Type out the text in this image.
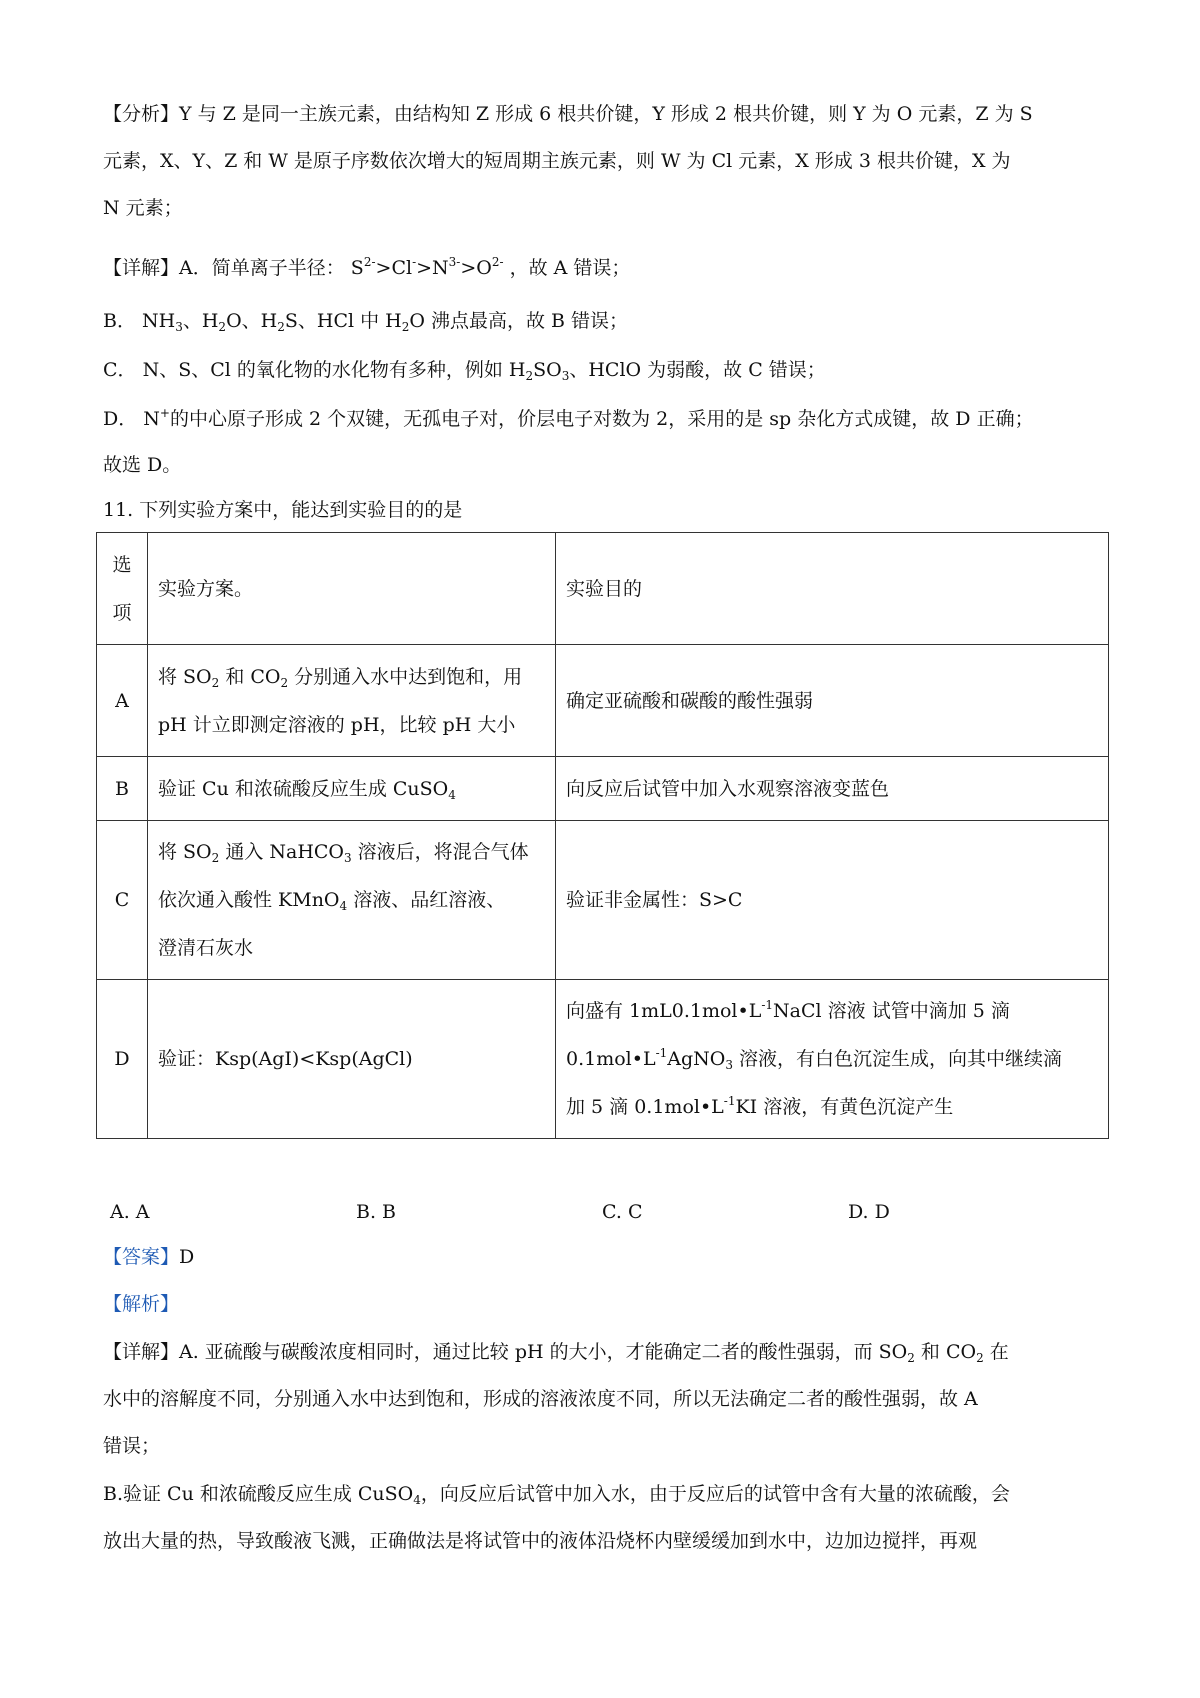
【分析】Y 与 Z 是同一主族元素，由结构知 Z 形成 6 根共价键，Y 形成 2 根共价键，则 Y 为 O 元素，Z 为 S
元素，X、Y、Z 和 W 是原子序数依次增大的短周期主族元素，则 W 为 Cl 元素，X 形成 3 根共价键，X 为
N 元素；
【详解】A．简单离子半径： $S^{2-}>Cl^->N^{3-}>O^{2-}$ ，故 A 错误；
B． $NH_3$、$H_2O$、$H_2S$、HCl 中 $H_2O$ 沸点最高，故 B 错误；
C． N、S、Cl 的氧化物的水化物有多种，例如 $H_2SO_3$、HClO 为弱酸，故 C 错误；
D． N+的中心原子形成 2 个双键，无孤电子对，价层电子对数为 2，采用的是 sp 杂化方式成键，故 D 正确；
故选 D。
11. 下列实验方案中，能达到实验目的的是
选
项	实验方案。	实验目的
A	将 $SO_2$ 和 $CO_2$ 分别通入水中达到饱和，用
pH 计立即测定溶液的 pH，比较 pH 大小	确定亚硫酸和碳酸的酸性强弱
B	验证 Cu 和浓硫酸反应生成 CuSO$_4$	向反应后试管中加入水观察溶液变蓝色
C	将 $SO_2$ 通入 NaHCO$_3$ 溶液后，将混合气体
依次通入酸性 KMnO$_4$ 溶液、品红溶液、
澄清石灰水	验证非金属性：S>C
D	验证：Ksp(AgI)<Ksp(AgCl)	向盛有 $1mL0.1mol•L^{-1}NaCl$ 溶液 试管中滴加 5 滴
$0.1mol•L^{-1}AgNO_3$ 溶液，有白色沉淀生成，向其中继续滴
加 5 滴 $0.1mol•L^{-1}KI$ 溶液，有黄色沉淀产生
A. A	B. B	C. C	D. D
【答案】D
【解析】
【详解】A. 亚硫酸与碳酸浓度相同时，通过比较 pH 的大小，才能确定二者的酸性强弱，而 $SO_2$ 和 $CO_2$ 在
水中的溶解度不同，分别通入水中达到饱和，形成的溶液浓度不同，所以无法确定二者的酸性强弱，故 A
错误；
B.验证 Cu 和浓硫酸反应生成 CuSO$_4$，向反应后试管中加入水，由于反应后的试管中含有大量的浓硫酸，会
放出大量的热，导致酸液飞溅，正确做法是将试管中的液体沿烧杯内壁缓缓加到水中，边加边搅拌，再观
